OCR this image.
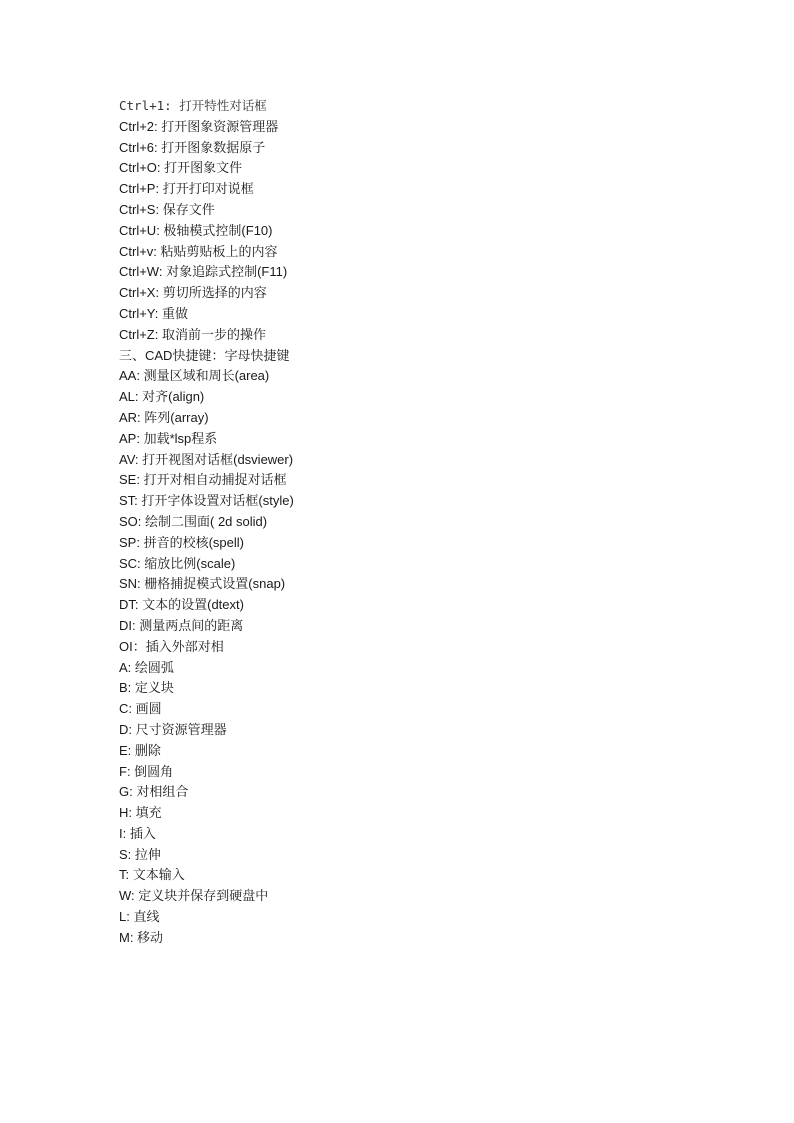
Ctrl+1: 打开特性对话框
Ctrl+2: 打开图象资源管理器
Ctrl+6: 打开图象数据原子
Ctrl+O: 打开图象文件
Ctrl+P: 打开打印对说框
Ctrl+S: 保存文件
Ctrl+U: 极轴模式控制(F10)
Ctrl+v: 粘贴剪贴板上的内容
Ctrl+W: 对象追踪式控制(F11)
Ctrl+X: 剪切所选择的内容
Ctrl+Y: 重做
Ctrl+Z: 取消前一步的操作
三、CAD快捷键：字母快捷键
AA: 测量区域和周长(area)
AL: 对齐(align)
AR: 阵列(array)
AP: 加载*lsp程系
AV: 打开视图对话框(dsviewer)
SE: 打开对相自动捕捉对话框
ST: 打开字体设置对话框(style)
SO: 绘制二围面( 2d solid)
SP: 拼音的校核(spell)
SC: 缩放比例(scale)
SN: 栅格捕捉模式设置(snap)
DT: 文本的设置(dtext)
DI: 测量两点间的距离
OI：插入外部对相
A: 绘圆弧
B: 定义块
C: 画圆
D: 尺寸资源管理器
E: 删除
F: 倒圆角
G: 对相组合
H: 填充
I: 插入
S: 拉伸
T: 文本输入
W: 定义块并保存到硬盘中
L: 直线
M: 移动
